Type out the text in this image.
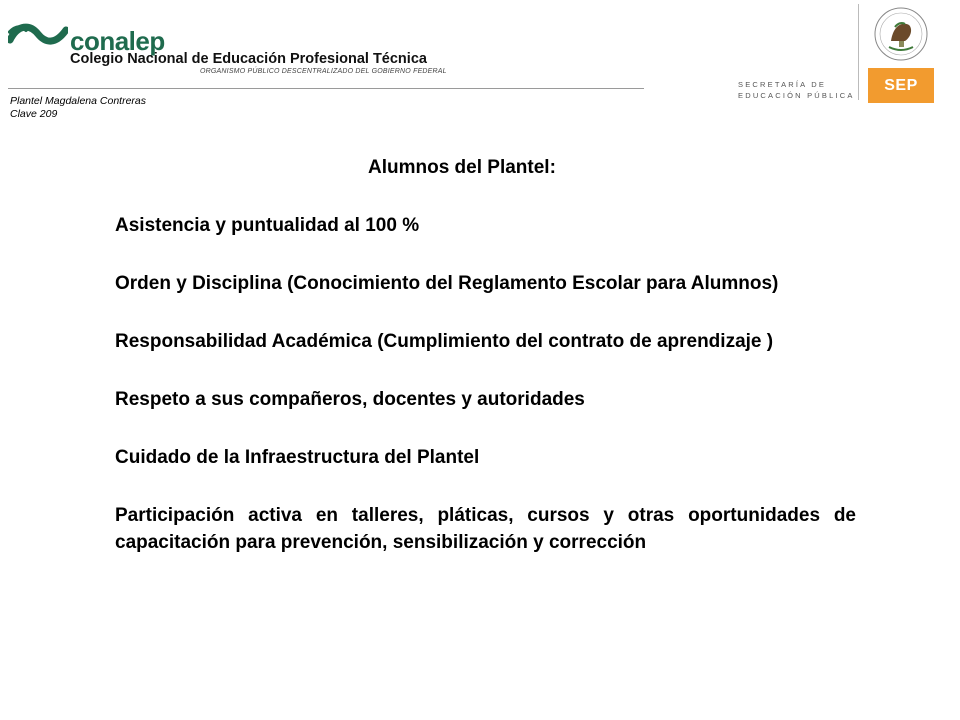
conalep
Colegio Nacional de Educación Profesional Técnica
ORGANISMO PÚBLICO DESCENTRALIZADO DEL GOBIERNO FEDERAL
Plantel Magdalena Contreras
Clave 209
SECRETARÍA DE
EDUCACIÓN PÚBLICA
SEP
Alumnos del Plantel:

Asistencia y puntualidad al 100 %

Orden y Disciplina (Conocimiento del Reglamento Escolar para Alumnos)

Responsabilidad Académica (Cumplimiento del contrato de aprendizaje )

Respeto a sus compañeros, docentes y autoridades

Cuidado de la Infraestructura del Plantel

Participación activa en talleres, pláticas, cursos y otras oportunidades de capacitación para prevención, sensibilización y corrección
